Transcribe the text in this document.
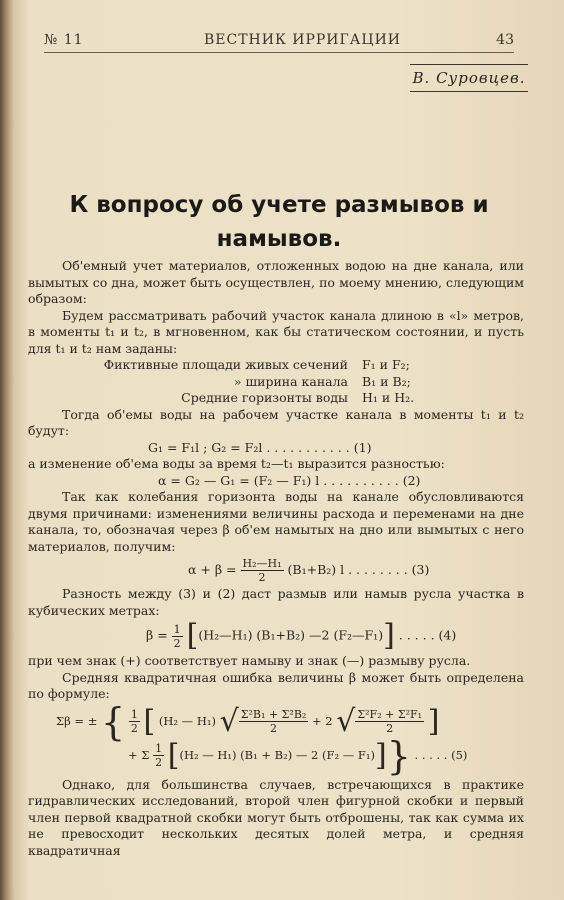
№ 11	ВЕСТНИК ИРРИГАЦИИ	43
В. Суровцев.
К вопросу об учете размывов и намывов.

Об'емный учет материалов, отложенных водою на дне канала, или вымытых со дна, может быть осуществлен, по моему мнению, следующим образом:

Будем рассматривать рабочий участок канала длиною в «l» метров, в моменты t₁ и t₂, в мгновенном, как бы статическом состоянии, и пусть для t₁ и t₂ нам заданы:

Фиктивные площади живых сечений	F₁ и F₂;
» ширина канала	B₁ и B₂;
Средние горизонты воды	H₁ и H₂.

Тогда об'емы воды на рабочем участке канала в моменты t₁ и t₂ будут:

G₁ = F₁l ; G₂ = F₂l . . . . . . . . . . . (1)

а изменение об'ема воды за время t₂—t₁ выразится разностью:

α = G₂ — G₁ = (F₂ — F₁) l . . . . . . . . . . (2)

Так как колебания горизонта воды на канале обусловливаются двумя причинами: изменениями величины расхода и переменами на дне канала, то, обозначая через β об'ем намытых на дно или вымытых с него материалов, получим:

$\alpha + \beta = \frac{\text{H₂—H₁}}{2} (B_1+B_2)$ l . . . . . . . . (3)

Разность между (3) и (2) даст размыв или намыв русла участка в кубических метрах:

$\beta = \frac{1}{2}$ [(H₂—H₁) (B₁+B₂) —2 (F₂—F₁)] . . . . . (4)

при чем знак (+) соответствует намыву и знак (—) размыву русла.

Средняя квадратичная ошибка величины β может быть определена по формуле:

Σβ = ± { $\frac{1}{2}$ [ (H₂ — H₁) √ $\frac{\text{Σ²B₁ + Σ²B₂}}{2} + 2$ √ $\frac{\text{Σ²F₂ + Σ²F₁}}{2}$ ]
+ Σ $\frac{1}{2} [(H_2$ — H₁) (B₁ + B₂) — 2 (F₂ — F₁)]} . . . . . (5)

Однако, для большинства случаев, встречающихся в практике гидравлических исследований, второй член фигурной скобки и первый член первой квадратной скобки могут быть отброшены, так как сумма их не превосходит нескольких десятых долей метра, и средняя квадратичная
